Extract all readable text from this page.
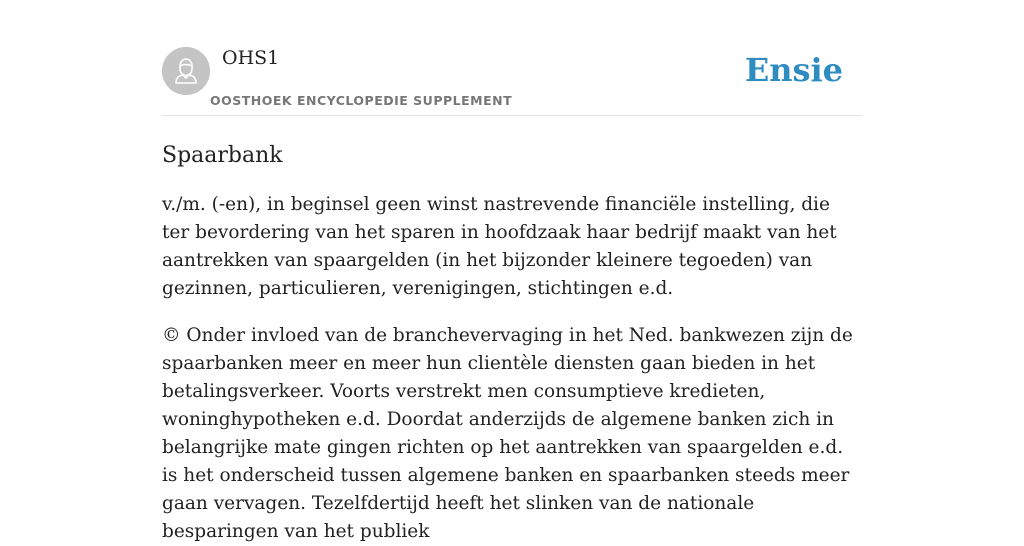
OHS1
OOSTHOEK ENCYCLOPEDIE SUPPLEMENT
Ensie
Spaarbank

v./m. (-en), in beginsel geen winst nastrevende financiële instelling, die ter bevordering van het sparen in hoofdzaak haar bedrijf maakt van het aantrekken van spaargelden (in het bijzonder kleinere tegoeden) van gezinnen, particulieren, verenigingen, stichtingen e.d.

© Onder invloed van de branchevervaging in het Ned. bankwezen zijn de spaarbanken meer en meer hun clientèle diensten gaan bieden in het betalingsverkeer. Voorts verstrekt men consumptieve kredieten, woninghypotheken e.d. Doordat anderzijds de algemene banken zich in belangrijke mate gingen richten op het aantrekken van spaargelden e.d. is het onderscheid tussen algemene banken en spaarbanken steeds meer gaan vervagen. Tezelfdertijd heeft het slinken van de nationale besparingen van het publiek
